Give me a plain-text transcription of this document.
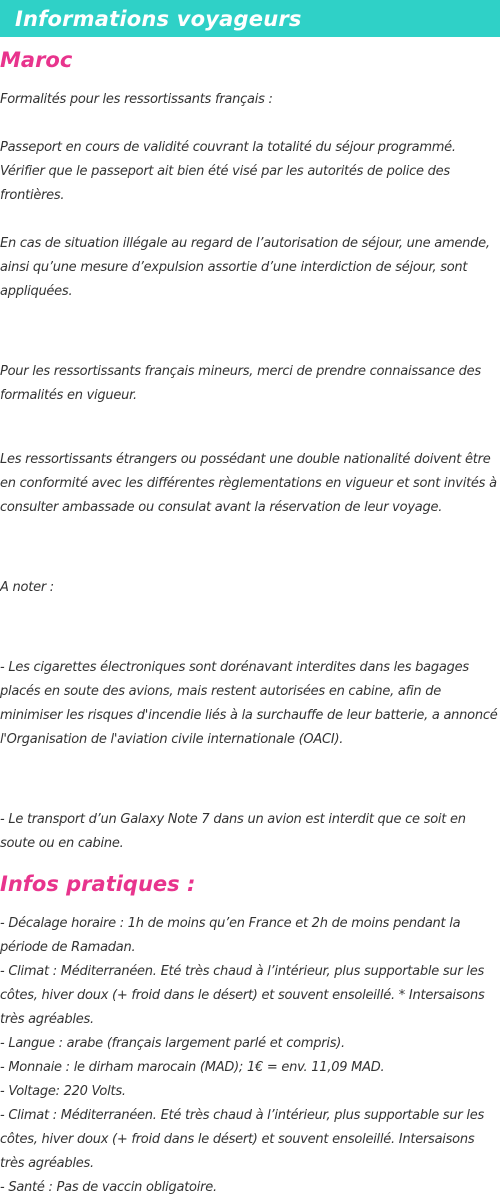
Informations voyageurs
Maroc

Formalités pour les ressortissants français :

Passeport en cours de validité couvrant la totalité du séjour programmé. Vérifier que le passeport ait bien été visé par les autorités de police des frontières.

En cas de situation illégale au regard de l’autorisation de séjour, une amende, ainsi qu’une mesure d’expulsion assortie d’une interdiction de séjour, sont appliquées.

Pour les ressortissants français mineurs, merci de prendre connaissance des formalités en vigueur.

Les ressortissants étrangers ou possédant une double nationalité doivent être en conformité avec les différentes règlementations en vigueur et sont invités à consulter ambassade ou consulat avant la réservation de leur voyage.

A noter :

- Les cigarettes électroniques sont dorénavant interdites dans les bagages placés en soute des avions, mais restent autorisées en cabine, afin de minimiser les risques d'incendie liés à la surchauffe de leur batterie, a annoncé l'Organisation de l'aviation civile internationale (OACI).

- Le transport d’un Galaxy Note 7 dans un avion est interdit que ce soit en soute ou en cabine.

Infos pratiques :
- Décalage horaire : 1h de moins qu’en France et 2h de moins pendant la période de Ramadan.
- Climat : Méditerranéen. Eté très chaud à l’intérieur, plus supportable sur les côtes, hiver doux (+ froid dans le désert) et souvent ensoleillé. * Intersaisons très agréables.
- Langue : arabe (français largement parlé et compris).
- Monnaie : le dirham marocain (MAD); 1€ = env. 11,09 MAD.
- Voltage: 220 Volts.
- Climat : Méditerranéen. Eté très chaud à l’intérieur, plus supportable sur les côtes, hiver doux (+ froid dans le désert) et souvent ensoleillé. Intersaisons très agréables.
- Santé : Pas de vaccin obligatoire.
